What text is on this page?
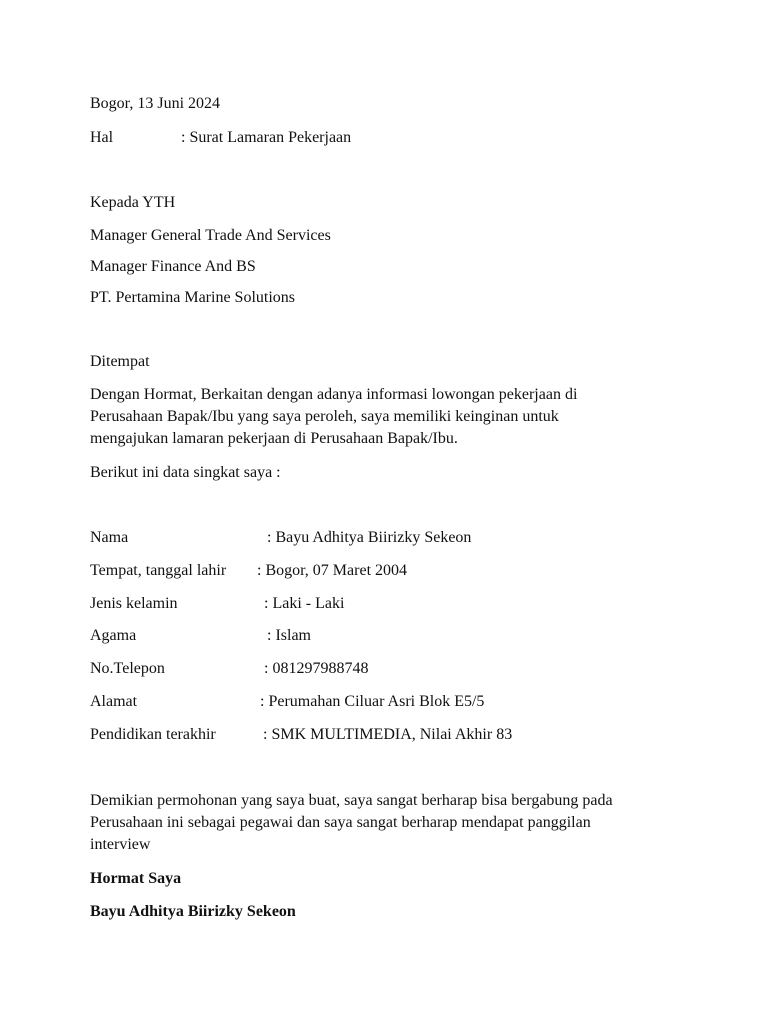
Bogor, 13 Juni 2024
Hal	: Surat Lamaran Pekerjaan
Kepada YTH
Manager General Trade And Services
Manager Finance And BS
PT. Pertamina Marine Solutions
Ditempat
Dengan Hormat, Berkaitan dengan adanya informasi lowongan pekerjaan di
Perusahaan Bapak/Ibu yang saya peroleh, saya memiliki keinginan untuk
mengajukan lamaran pekerjaan di Perusahaan Bapak/Ibu.
Berikut ini data singkat saya :
Nama	: Bayu Adhitya Biirizky Sekeon
Tempat, tanggal lahir : Bogor, 07 Maret 2004
Jenis kelamin	: Laki - Laki
Agama	: Islam
No.Telepon	: 081297988748
Alamat	: Perumahan Ciluar Asri Blok E5/5
Pendidikan terakhir	: SMK MULTIMEDIA, Nilai Akhir 83
Demikian permohonan yang saya buat, saya sangat berharap bisa bergabung pada
Perusahaan ini sebagai pegawai dan saya sangat berharap mendapat panggilan
interview
Hormat Saya
Bayu Adhitya Biirizky Sekeon
